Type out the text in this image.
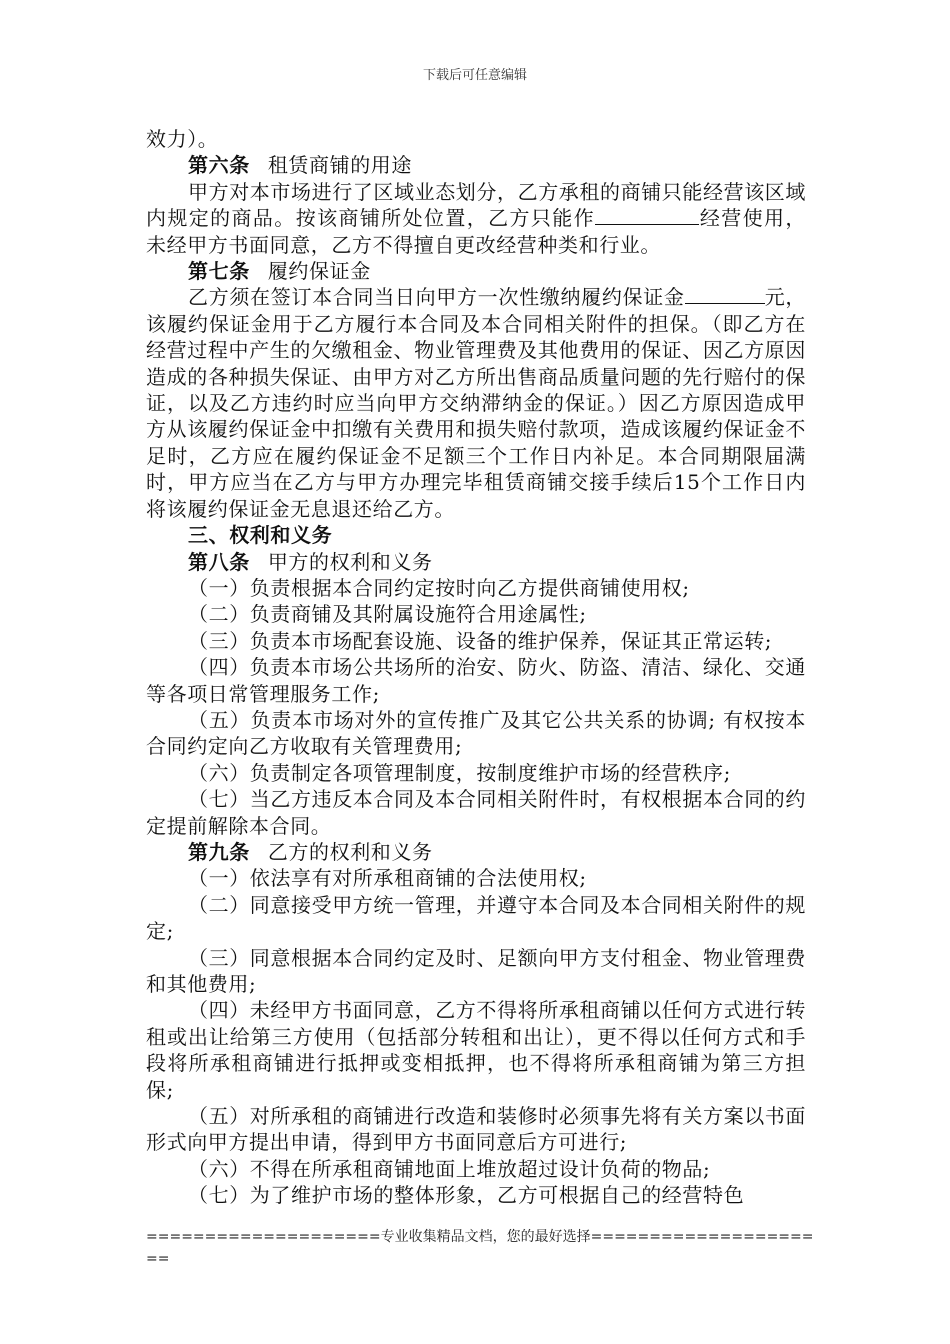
下载后可任意编辑

效力）。

第六条 租赁商铺的用途

甲方对本市场进行了区域业态划分，乙方承租的商铺只能经营该区域内规定的商品。按该商铺所处位置，乙方只能作	经营使用，未经甲方书面同意，乙方不得擅自更改经营种类和行业。

第七条 履约保证金

乙方须在签订本合同当日向甲方一次性缴纳履约保证金	元，该履约保证金用于乙方履行本合同及本合同相关附件的担保。（即乙方在经营过程中产生的欠缴租金、物业管理费及其他费用的保证、因乙方原因造成的各种损失保证、由甲方对乙方所出售商品质量问题的先行赔付的保证，以及乙方违约时应当向甲方交纳滞纳金的保证。）因乙方原因造成甲方从该履约保证金中扣缴有关费用和损失赔付款项，造成该履约保证金不足时，乙方应在履约保证金不足额三个工作日内补足。本合同期限届满时，甲方应当在乙方与甲方办理完毕租赁商铺交接手续后15个工作日内将该履约保证金无息退还给乙方。

三、权利和义务

第八条 甲方的权利和义务

（一）负责根据本合同约定按时向乙方提供商铺使用权;

（二）负责商铺及其附属设施符合用途属性;

（三）负责本市场配套设施、设备的维护保养，保证其正常运转;

（四）负责本市场公共场所的治安、防火、防盗、清洁、绿化、交通等各项日常管理服务工作;

（五）负责本市场对外的宣传推广及其它公共关系的协调; 有权按本合同约定向乙方收取有关管理费用;

（六）负责制定各项管理制度，按制度维护市场的经营秩序;

（七）当乙方违反本合同及本合同相关附件时，有权根据本合同的约定提前解除本合同。

第九条 乙方的权利和义务

（一）依法享有对所承租商铺的合法使用权;

（二）同意接受甲方统一管理，并遵守本合同及本合同相关附件的规定;

（三）同意根据本合同约定及时、足额向甲方支付租金、物业管理费和其他费用;

（四）未经甲方书面同意，乙方不得将所承租商铺以任何方式进行转租或出让给第三方使用（包括部分转租和出让），更不得以任何方式和手段将所承租商铺进行抵押或变相抵押，也不得将所承租商铺为第三方担保;

（五）对所承租的商铺进行改造和装修时必须事先将有关方案以书面形式向甲方提出申请，得到甲方书面同意后方可进行;

（六）不得在所承租商铺地面上堆放超过设计负荷的物品;

（七）为了维护市场的整体形象，乙方可根据自己的经营特色

====================专业收集精品文档，您的最好选择=====================
